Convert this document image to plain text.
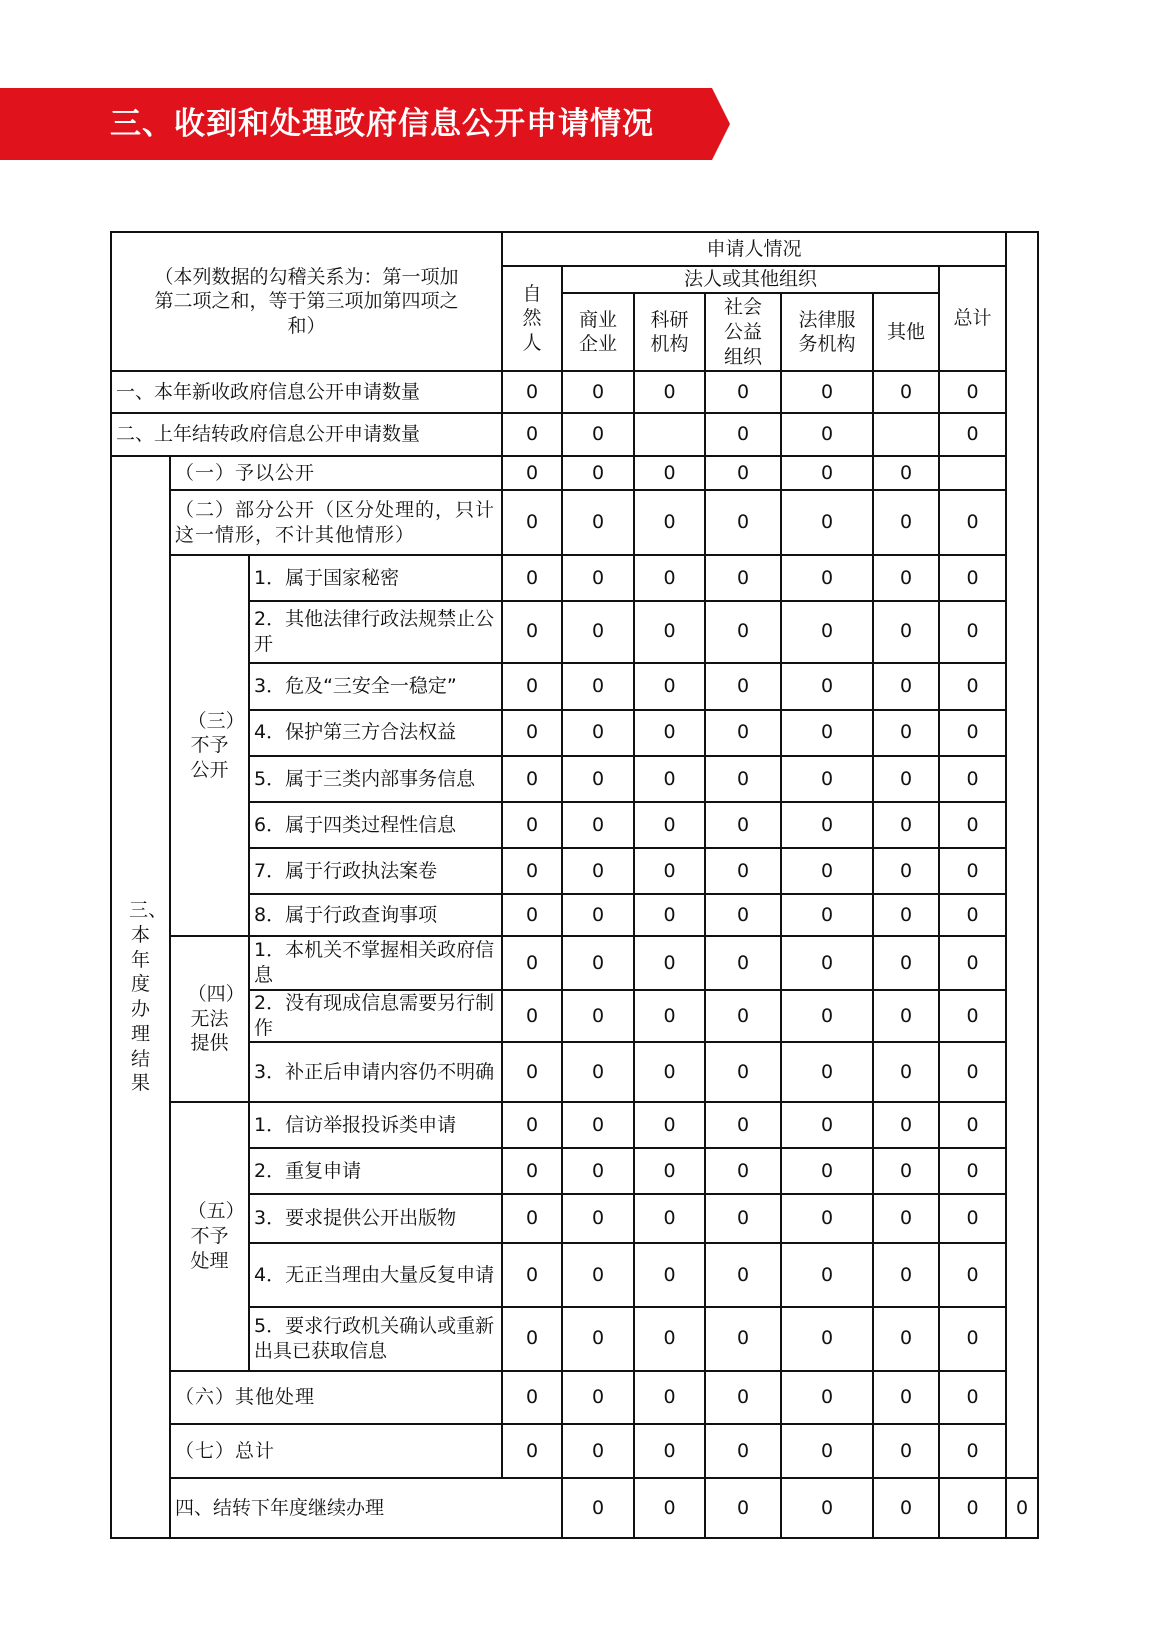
三、收到和处理政府信息公开申请情况
（本列数据的勾稽关系为：第一项加第二项之和，等于第三项加第四项之和）			申请人情况							
			自然人	法人或其他组织					总计	
				商业企业	科研机构	社会公益组织	法律服务机构	其他		
一、本年新收政府信息公开申请数量			0	0	0	0	0	0	0	
二、上年结转政府信息公开申请数量			0	0		0	0		0	
三、本年度办理结果	（一）予以公开		0	0	0	0	0	0		
	（二）部分公开（区分处理的，只计这一情形，不计其他情形）		0	0	0	0	0	0	0	
	（三）不予公开	1．属于国家秘密	0	0	0	0	0	0	0	
		2．其他法律行政法规禁止公开	0	0	0	0	0	0	0	
		3．危及“三安全一稳定”	0	0	0	0	0	0	0	
		4．保护第三方合法权益	0	0	0	0	0	0	0	
		5．属于三类内部事务信息	0	0	0	0	0	0	0	
		6．属于四类过程性信息	0	0	0	0	0	0	0	
		7．属于行政执法案卷	0	0	0	0	0	0	0	
		8．属于行政查询事项	0	0	0	0	0	0	0	
	（四）无法提供	1．本机关不掌握相关政府信息	0	0	0	0	0	0	0	
		2．没有现成信息需要另行制作	0	0	0	0	0	0	0	
		3．补正后申请内容仍不明确	0	0	0	0	0	0	0	
	（五）不予处理	1．信访举报投诉类申请	0	0	0	0	0	0	0	
		2．重复申请	0	0	0	0	0	0	0	
		3．要求提供公开出版物	0	0	0	0	0	0	0	
		4．无正当理由大量反复申请	0	0	0	0	0	0	0	
		5．要求行政机关确认或重新出具已获取信息	0	0	0	0	0	0	0	
	（六）其他处理		0	0	0	0	0	0	0	
	（七）总计		0	0	0	0	0	0	0	
	四、结转下年度继续办理			0	0	0	0	0	0	0
